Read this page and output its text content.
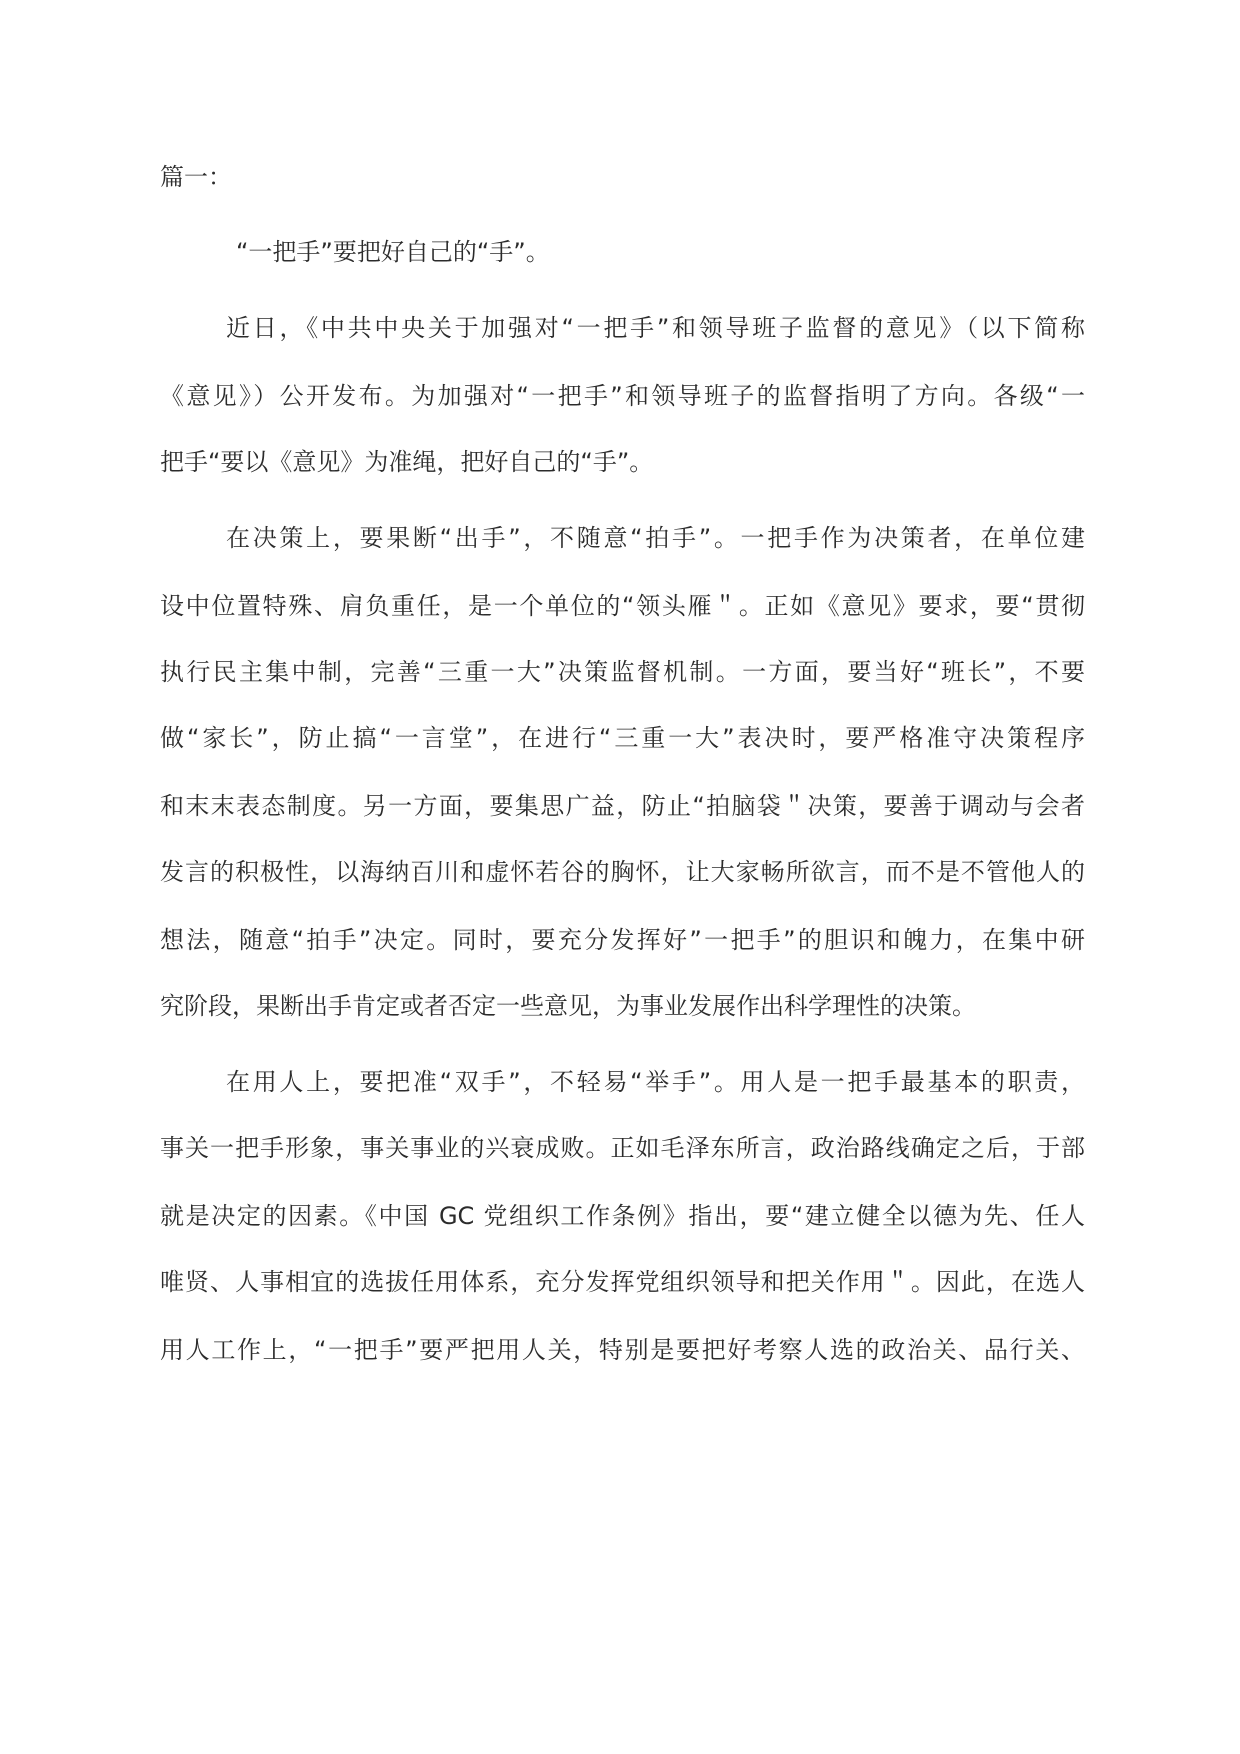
篇一：
“一把手”要把好自己的“手”。
近日，《中共中央关于加强对“一把手”和领导班子监督的意见》（以下简称
《意见》）公开发布。为加强对“一把手”和领导班子的监督指明了方向。各级“一
把手“要以《意见》为准绳，把好自己的“手”。
在决策上，要果断“出手”，不随意“拍手”。一把手作为决策者，在单位建
设中位置特殊、肩负重任，是一个单位的“领头雁＂。正如《意见》要求，要“贯彻
执行民主集中制，完善“三重一大”决策监督机制。一方面，要当好“班长”，不要
做“家长”，防止搞“一言堂”，在进行“三重一大”表决时，要严格准守决策程序
和末末表态制度。另一方面，要集思广益，防止“拍脑袋＂决策，要善于调动与会者
发言的积极性，以海纳百川和虚怀若谷的胸怀，让大家畅所欲言，而不是不管他人的
想法，随意“拍手”决定。同时，要充分发挥好”一把手”的胆识和魄力，在集中研
究阶段，果断出手肯定或者否定一些意见，为事业发展作出科学理性的决策。
在用人上，要把准“双手”，不轻易“举手”。用人是一把手最基本的职责，
事关一把手形象，事关事业的兴衰成败。正如毛泽东所言，政治路线确定之后，于部
就是决定的因素。《中国 GC 党组织工作条例》指出，要“建立健全以德为先、任人
唯贤、人事相宜的选拔任用体系，充分发挥党组织领导和把关作用＂。因此，在选人
用人工作上，“一把手”要严把用人关，特别是要把好考察人选的政治关、品行关、
